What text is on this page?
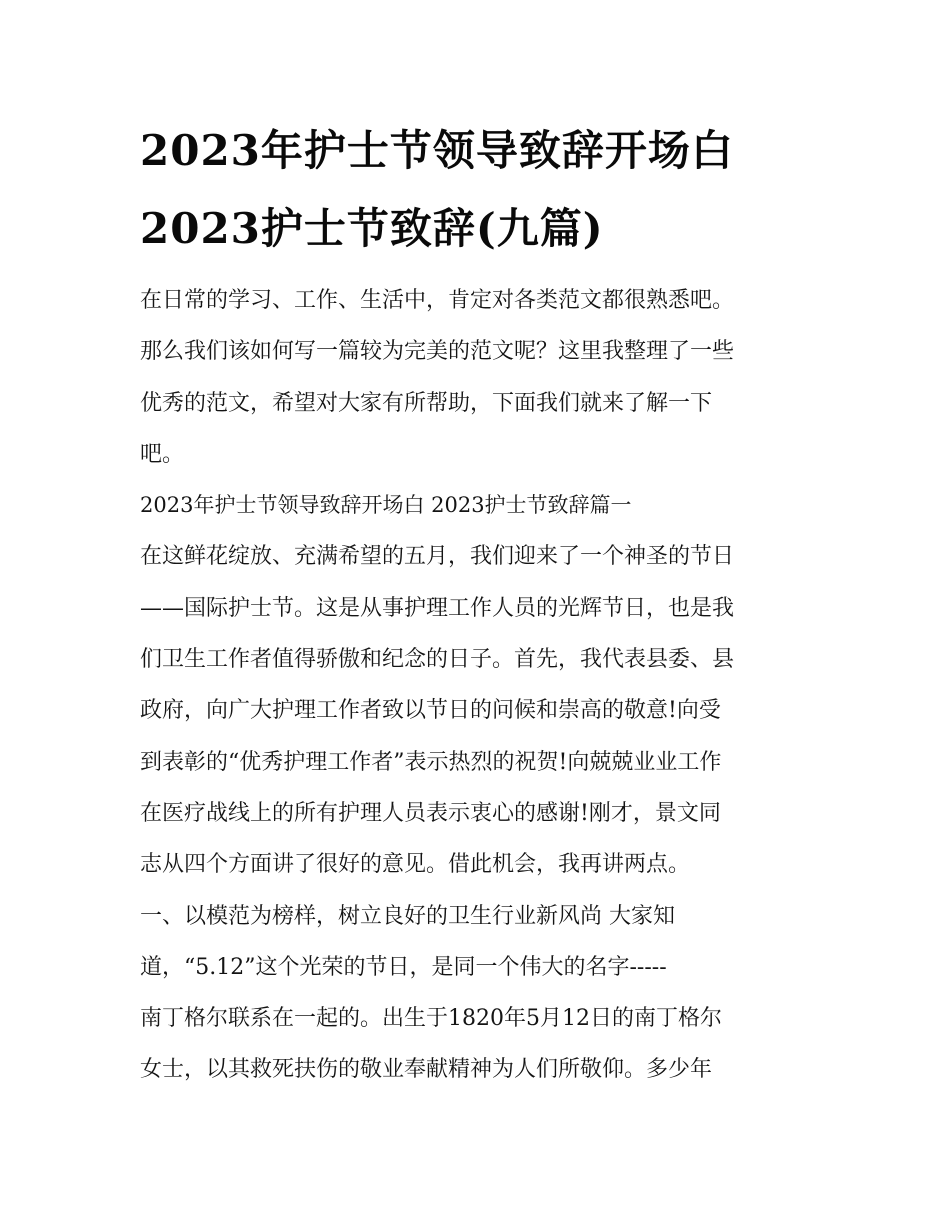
2023年护士节领导致辞开场白
2023护士节致辞(九篇)
在日常的学习、工作、生活中，肯定对各类范文都很熟悉吧。
那么我们该如何写一篇较为完美的范文呢？这里我整理了一些
优秀的范文，希望对大家有所帮助，下面我们就来了解一下
吧。
2023年护士节领导致辞开场白 2023护士节致辞篇一
在这鲜花绽放、充满希望的五月，我们迎来了一个神圣的节日
——国际护士节。这是从事护理工作人员的光辉节日，也是我
们卫生工作者值得骄傲和纪念的日子。首先，我代表县委、县
政府，向广大护理工作者致以节日的问候和崇高的敬意!向受
到表彰的“优秀护理工作者”表示热烈的祝贺!向兢兢业业工作
在医疗战线上的所有护理人员表示衷心的感谢!刚才，景文同
志从四个方面讲了很好的意见。借此机会，我再讲两点。
一、以模范为榜样，树立良好的卫生行业新风尚 大家知
道，“5.12”这个光荣的节日，是同一个伟大的名字-----
南丁格尔联系在一起的。出生于1820年5月12日的南丁格尔
女士，以其救死扶伤的敬业奉献精神为人们所敬仰。多少年
